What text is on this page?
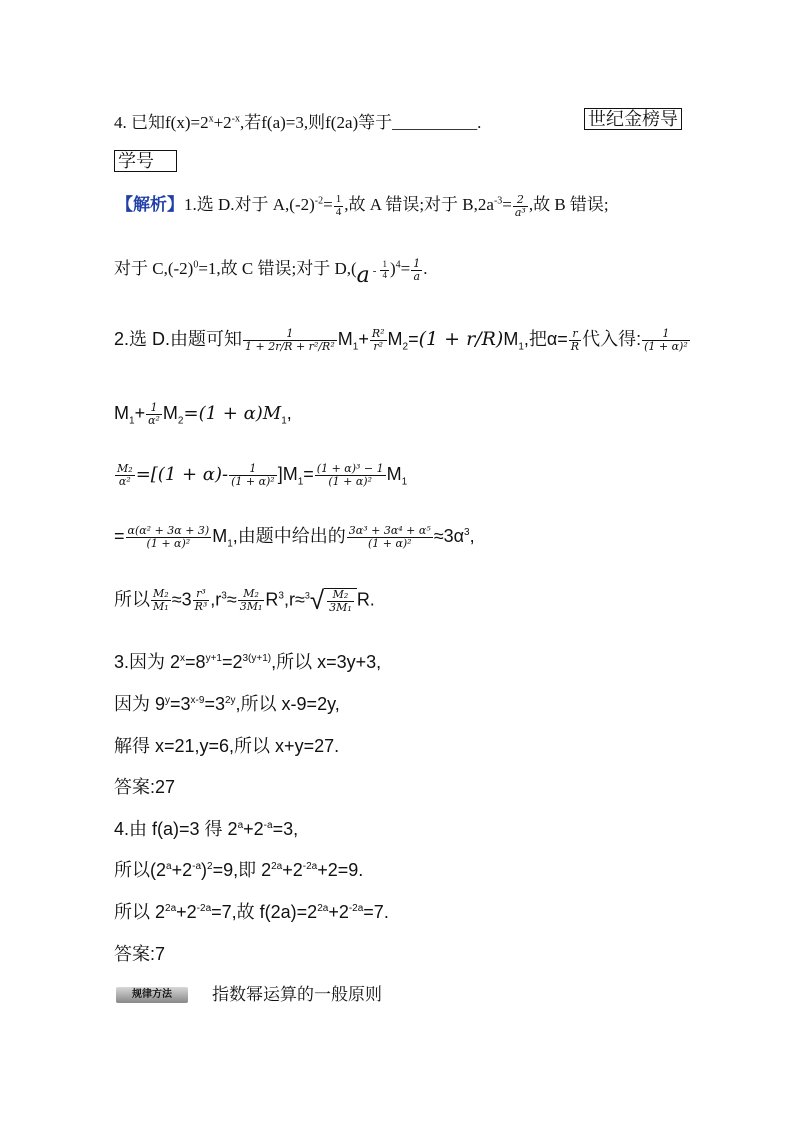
4. 已知$f(x)=2^x+2^{-x}$,若f(a)=3,则f(2a)等于__________.	世纪金榜导
学号
【解析】1.选 D.对于 $A,(-2)^{-2}= \frac{1}{4}$ ,故 A 错误;对于 $B,2a^{-3}= \frac{2}{\text{a³}}$ ,故 B 错误;
对于 $C,(-2)^0=1$,故 C 错误;对于 $D,(a - \frac{1}{4} )^4= \frac{1}{a}$ .
2.选 D.由题可知 $\frac{1}{\text{1 + 2r/R + r²/R²}} M_1+ \frac{\text{R²}}{\text{r²}} M_2=(1 + r/R)M_1$,把$\alpha= \frac{r}{R}$ 代入得: $\frac{1}{\text{(1 + α)²}}$
$M_1+ \frac{1}{\text{α²}} M_2=(1 + \alpha)M_1$,
$\frac{\text{M₂}}{\text{α²}} =[(1 + \alpha)- \frac{1}{\text{(1 + α)²}} ]M_1= \frac{\text{(1 + α)³ − 1}}{\text{(1 + α)²}} M_1$
= $\frac{\text{α(α² + 3α + 3)}}{\text{(1 + α)²}} M_1$,由题中给出的 $\frac{\text{3α³ + 3α⁴ + α⁵}}{\text{(1 + α)²}} \approx 3\alpha^3$,
所以 $\frac{\text{M₂}}{\text{M₁}} \approx 3 \frac{\text{r³}}{\text{R³}} ,r^3\approx \frac{\text{M₂}}{\text{3M₁}} R^3,r\approx^3√ \frac{\text{M₂}}{\text{3M₁}} R$.
3.因为 $2^x=8^{y+1}=2^{3(y+1)}$,所以 x=3y+3,
因为 $9^y=3^{x-9}=3^{2y}$,所以 x-9=2y,
解得 x=21,y=6,所以 x+y=27.
答案:27
4.由 f(a)=3 得 $2^a+2^{-a}=3$,
所以$(2^a+2^{-a})^2=9$,即 $2^{2a}+2^{-2a}+2=9$.
所以 $2^{2a}+2^{-2a}=7$,故 $f(2a)=2^{2a}+2^{-2a}=7$.
答案:7
规律方法 指数幂运算的一般原则
